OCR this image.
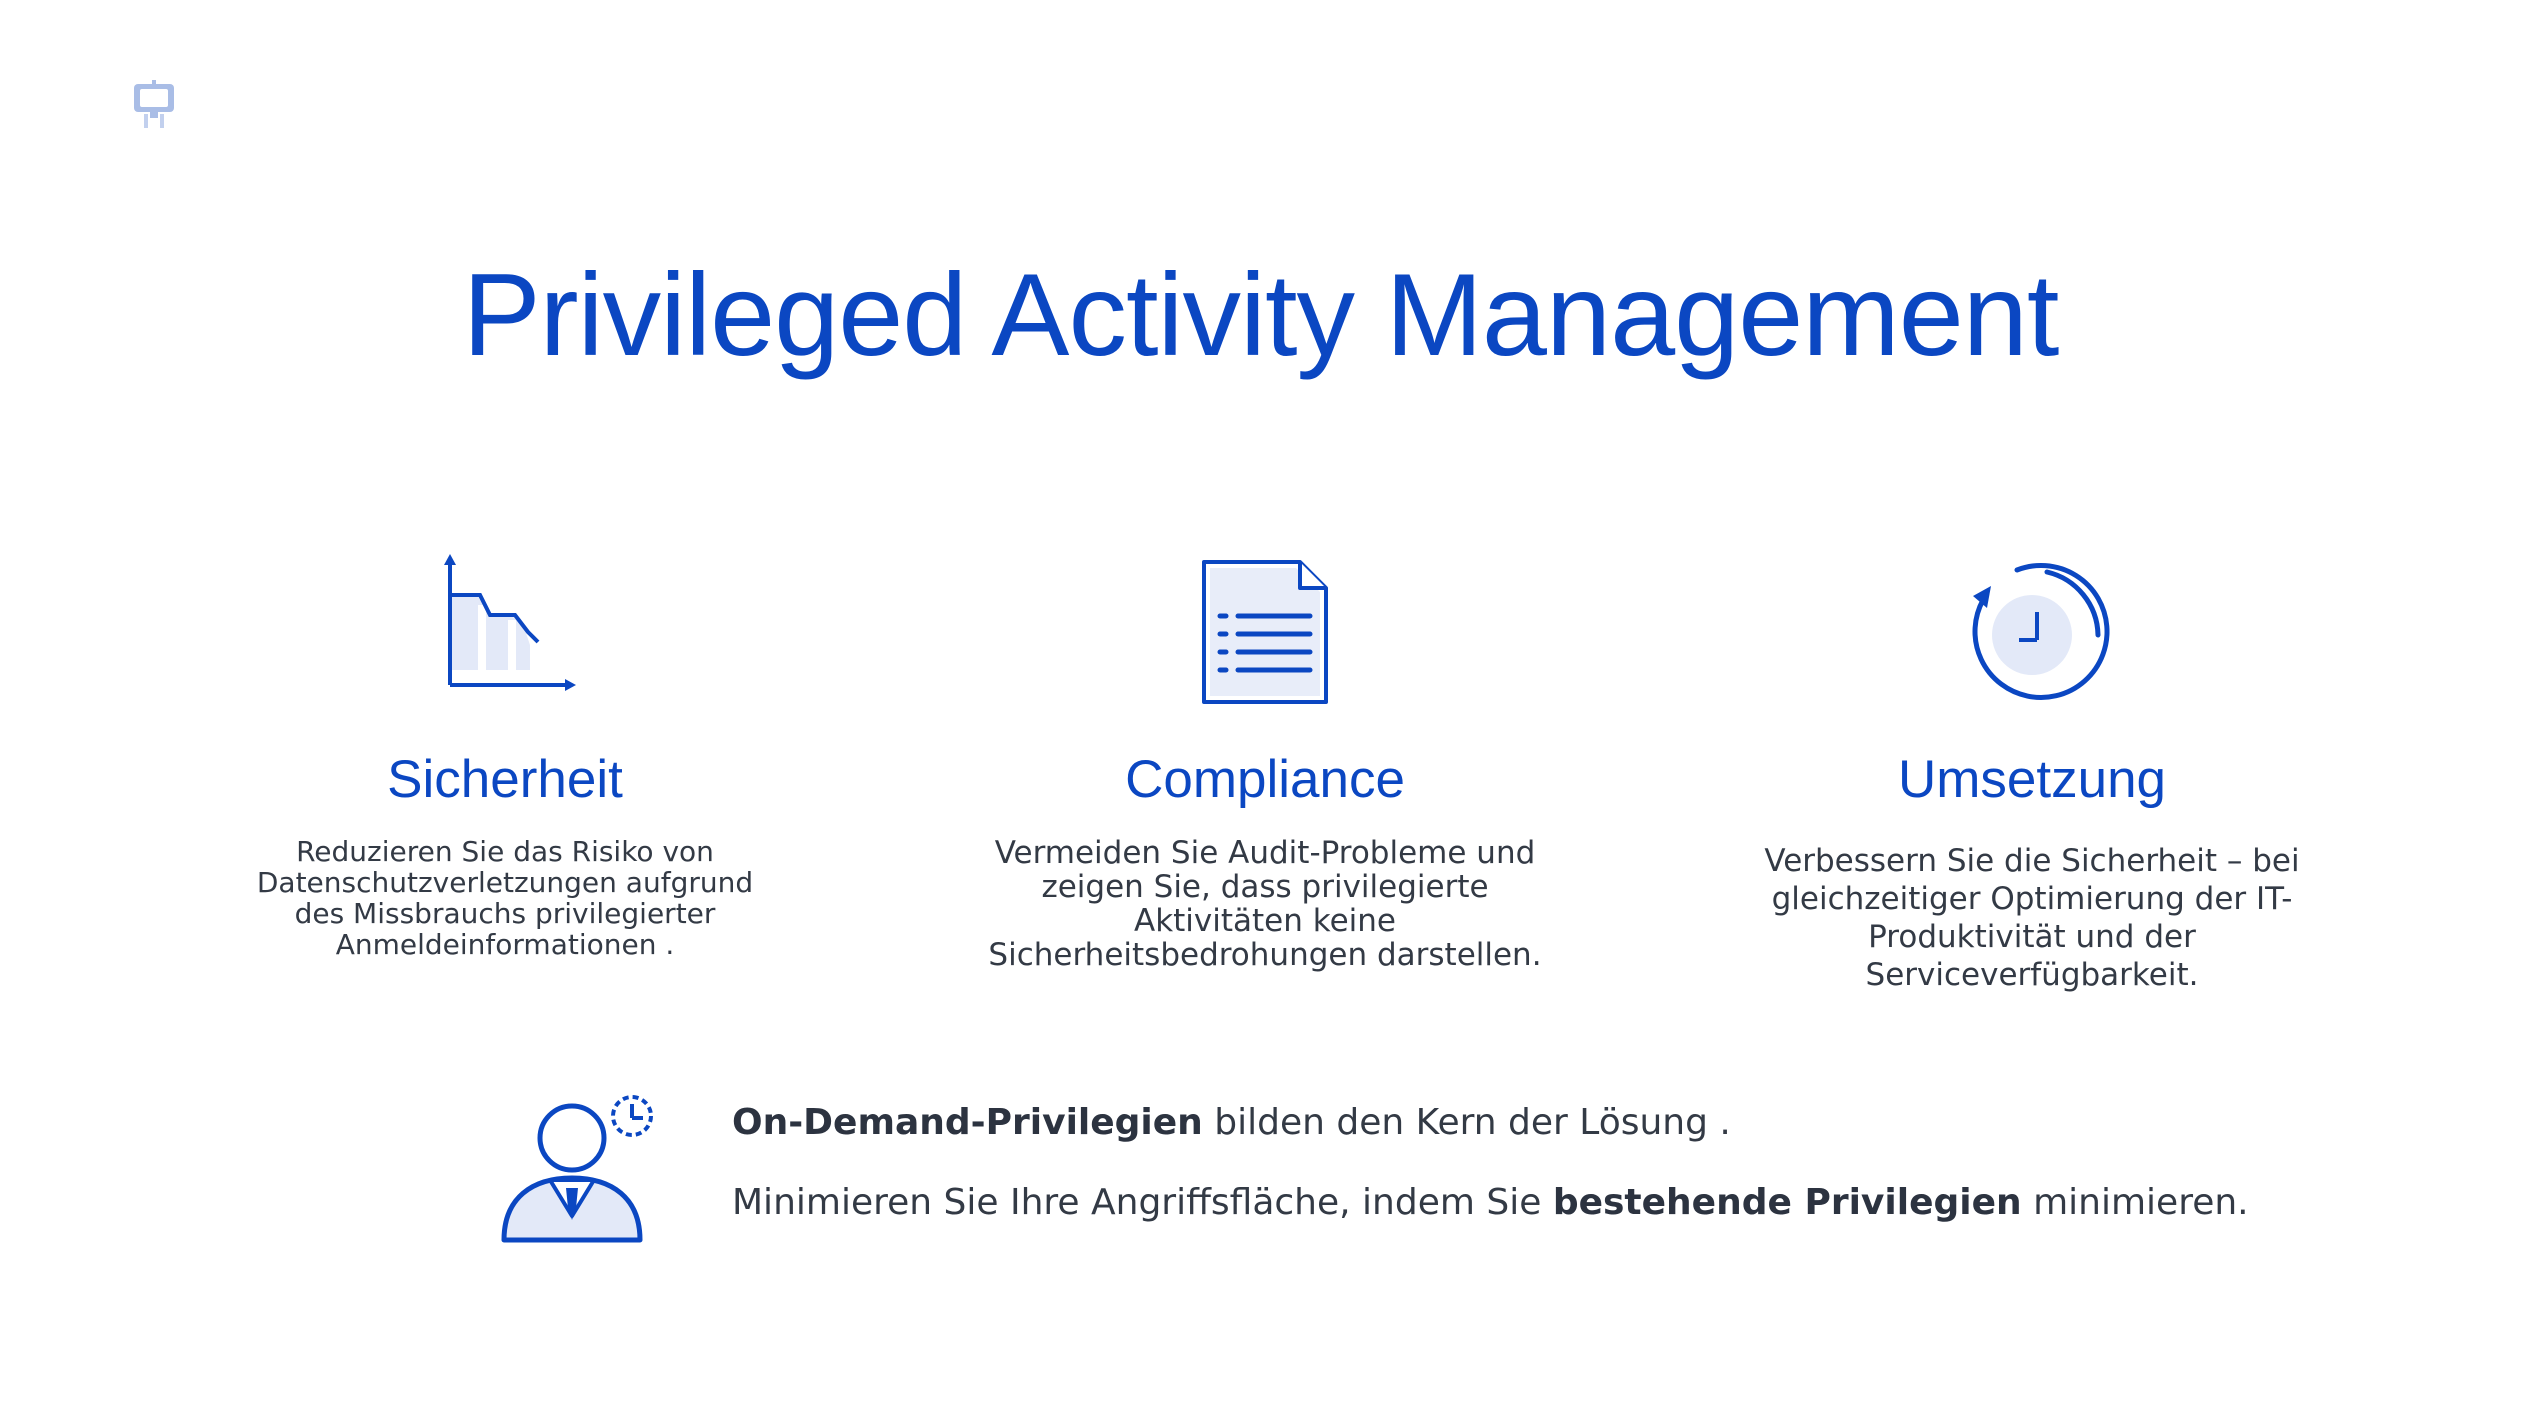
Privileged Activity Management
Sicherheit
Reduzieren Sie das Risiko von
Datenschutzverletzungen aufgrund
des Missbrauchs privilegierter
Anmeldeinformationen .
Compliance
Vermeiden Sie Audit-Probleme und
zeigen Sie, dass privilegierte
Aktivitäten keine
Sicherheitsbedrohungen darstellen.
Umsetzung
Verbessern Sie die Sicherheit – bei
gleichzeitiger Optimierung der IT-
Produktivität und der
Serviceverfügbarkeit.
On-Demand-Privilegien bilden den Kern der Lösung .
Minimieren Sie Ihre Angriffsfläche, indem Sie bestehende Privilegien minimieren.
